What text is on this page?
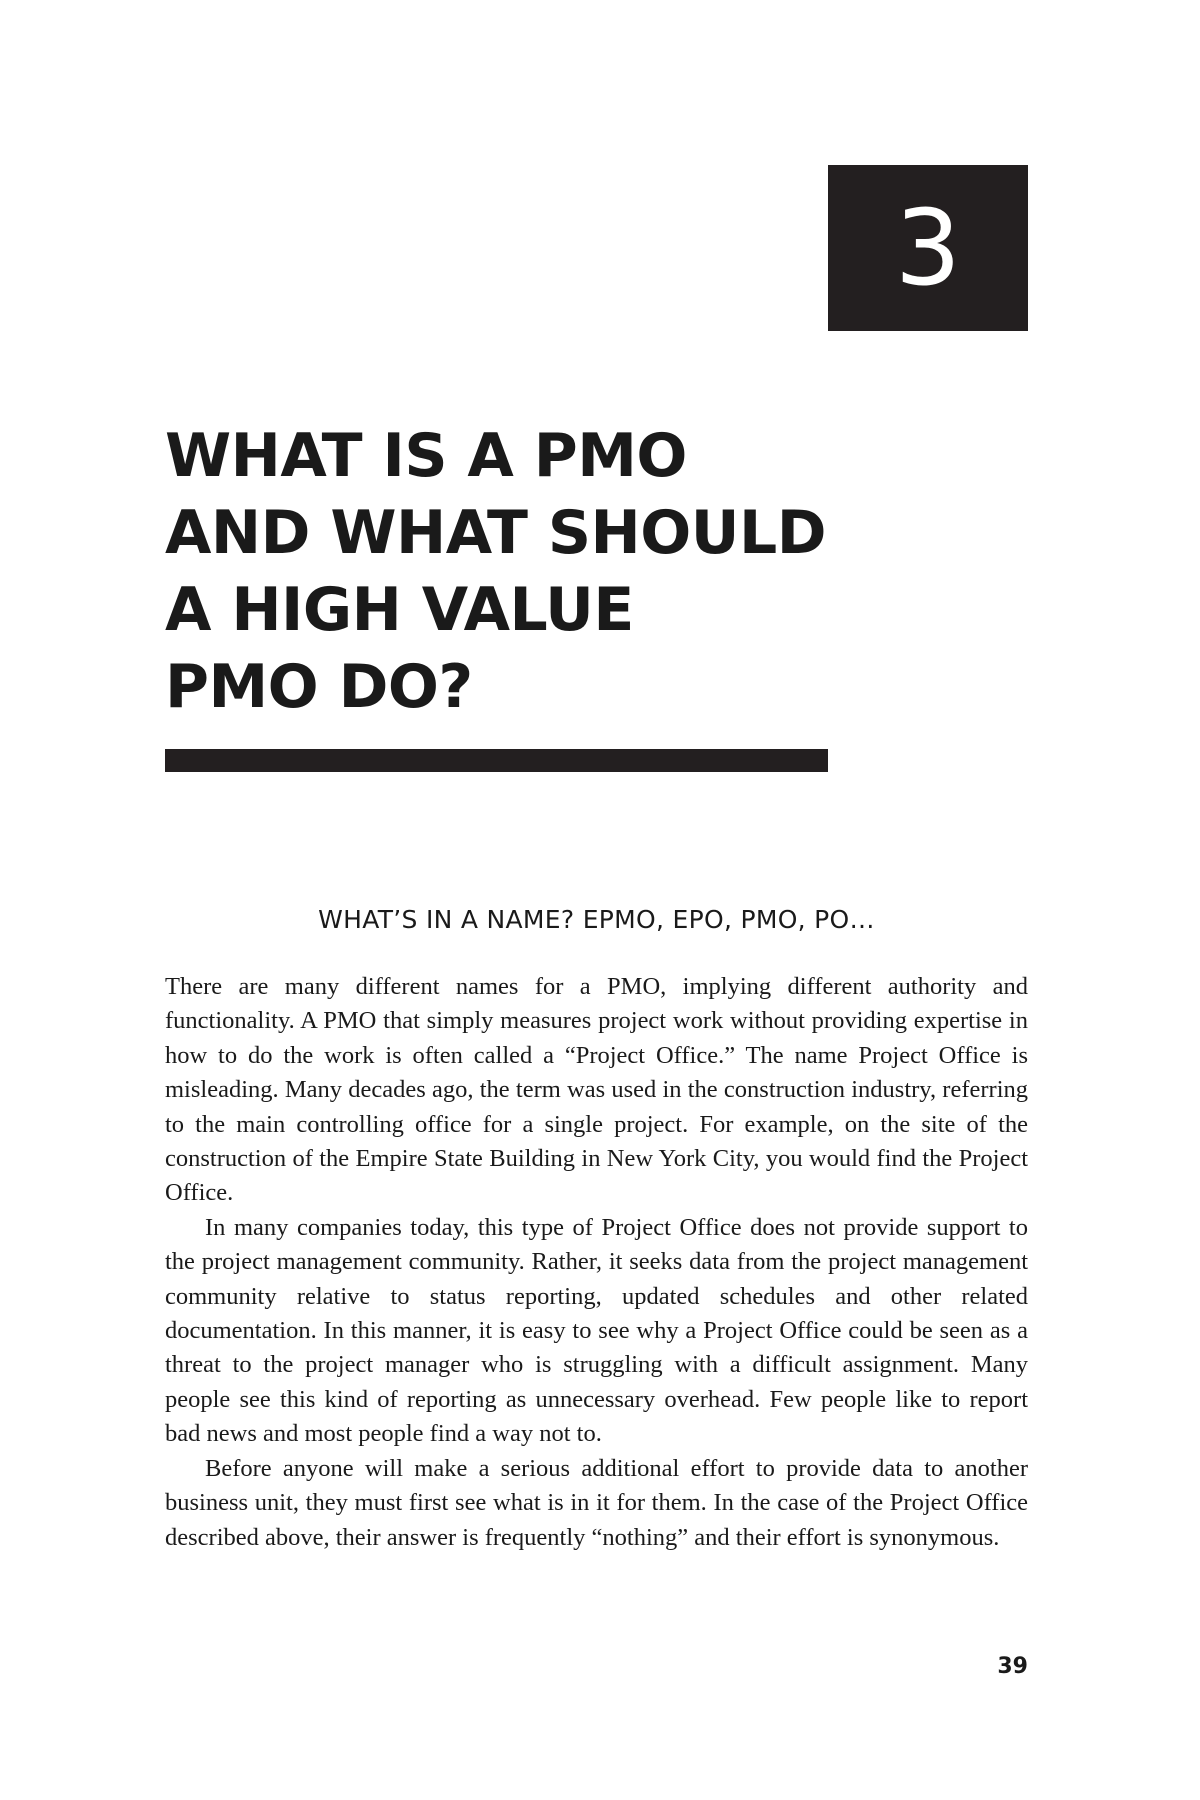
3
WHAT IS A PMO
AND WHAT SHOULD
A HIGH VALUE
PMO DO?
WHAT’S IN A NAME? EPMO, EPO, PMO, PO…

There are many different names for a PMO, implying different authority and functionality. A PMO that simply measures project work without providing expertise in how to do the work is often called a “Project Office.” The name Project Office is misleading. Many decades ago, the term was used in the construction industry, referring to the main controlling office for a single project. For example, on the site of the construction of the Empire State Building in New York City, you would find the Project Office.

In many companies today, this type of Project Office does not provide support to the project management community. Rather, it seeks data from the project management community relative to status reporting, updated schedules and other related documentation. In this manner, it is easy to see why a Project Office could be seen as a threat to the project manager who is struggling with a difficult assignment. Many people see this kind of reporting as unnecessary overhead. Few people like to report bad news and most people find a way not to.

Before anyone will make a serious additional effort to provide data to another business unit, they must first see what is in it for them. In the case of the Project Office described above, their answer is frequently “nothing” and their effort is synonymous.

39
